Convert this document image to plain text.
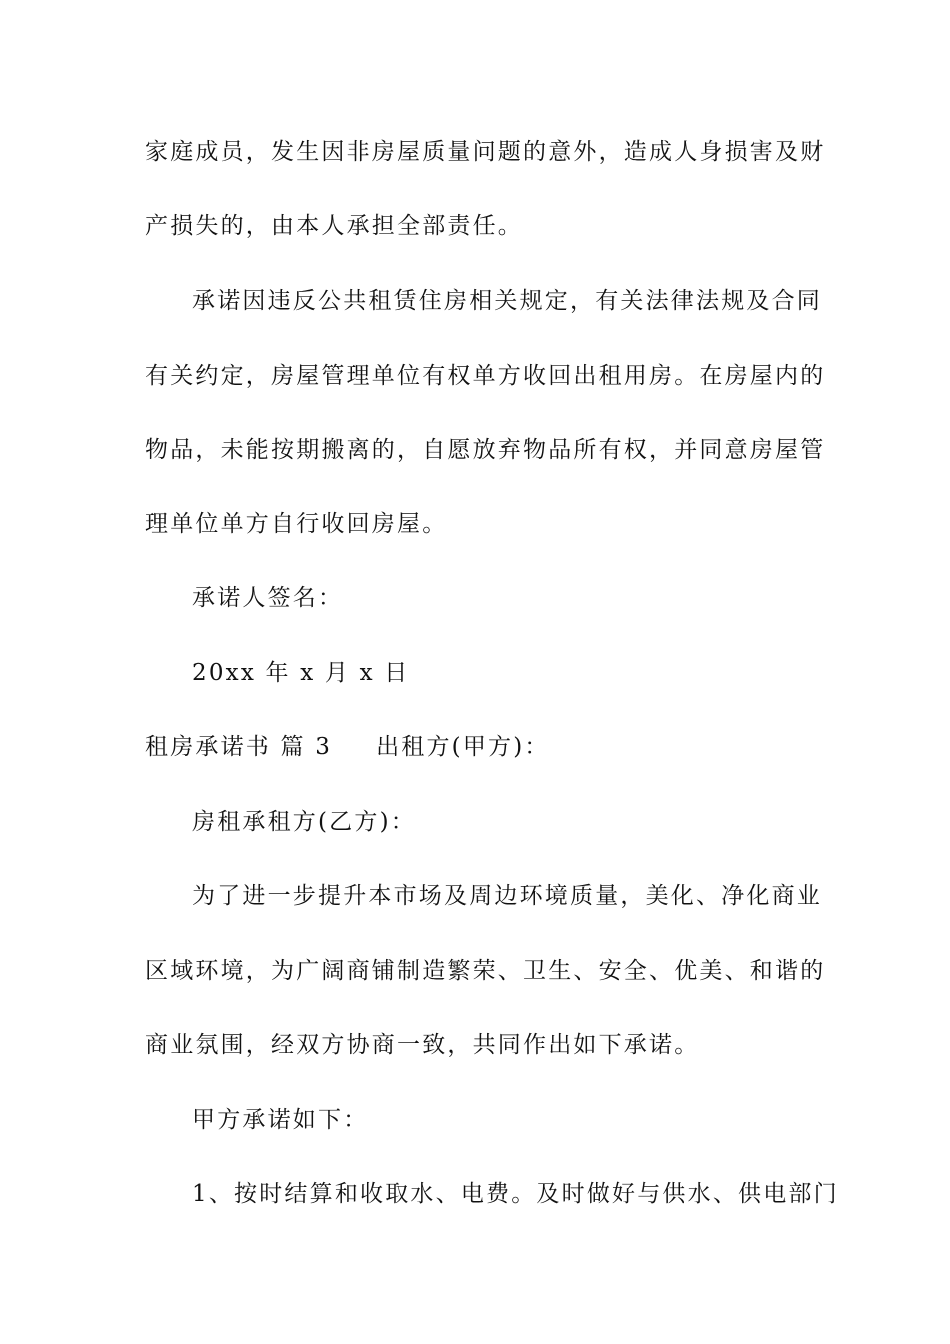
家庭成员，发生因非房屋质量问题的意外，造成人身损害及财
产损失的，由本人承担全部责任。
承诺因违反公共租赁住房相关规定，有关法律法规及合同
有关约定，房屋管理单位有权单方收回出租用房。在房屋内的
物品，未能按期搬离的，自愿放弃物品所有权，并同意房屋管
理单位单方自行收回房屋。
承诺人签名：
20xx 年 x 月 x 日
租房承诺书 篇 3 出租方(甲方)：
房租承租方(乙方)：
为了进一步提升本市场及周边环境质量，美化、净化商业
区域环境，为广阔商铺制造繁荣、卫生、安全、优美、和谐的
商业氛围，经双方协商一致，共同作出如下承诺。
甲方承诺如下：
1、按时结算和收取水、电费。及时做好与供水、供电部门
